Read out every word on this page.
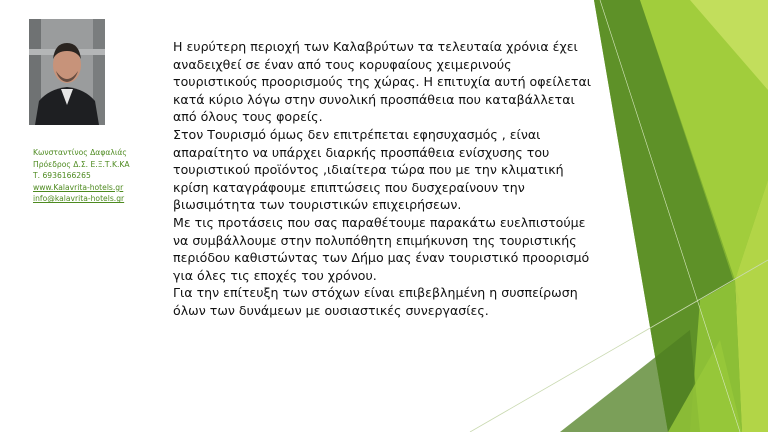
Κωνσταντίνος Δαφαλιάς
Πρόεδρος Δ.Σ. Ε.Ξ.Τ.Κ.ΚΑ
Τ. 6936166265
www.Kalavrita-hotels.gr
info@kalavrita-hotels.gr

Η ευρύτερη περιοχή των Καλαβρύτων τα τελευταία χρόνια έχει αναδειχθεί σε έναν από τους κορυφαίους χειμερινούς τουριστικούς προορισμούς της χώρας. Η επιτυχία αυτή οφείλεται κατά κύριο λόγω στην συνολική προσπάθεια που καταβάλλεται από όλους τους φορείς.

Στον Τουρισμό όμως δεν επιτρέπεται εφησυχασμός , είναι απαραίτητο να υπάρχει διαρκής προσπάθεια ενίσχυσης του τουριστικού προϊόντος ,ιδιαίτερα τώρα που με την κλιματική κρίση καταγράφουμε επιπτώσεις που δυσχεραίνουν την βιωσιμότητα των τουριστικών επιχειρήσεων.

Με τις προτάσεις που σας παραθέτουμε παρακάτω ευελπιστούμε να συμβάλλουμε στην πολυπόθητη επιμήκυνση της τουριστικής περιόδου καθιστώντας των Δήμο μας έναν τουριστικό προορισμό για όλες τις εποχές του χρόνου.

Για την επίτευξη των στόχων είναι επιβεβλημένη η συσπείρωση όλων των δυνάμεων με ουσιαστικές συνεργασίες.
